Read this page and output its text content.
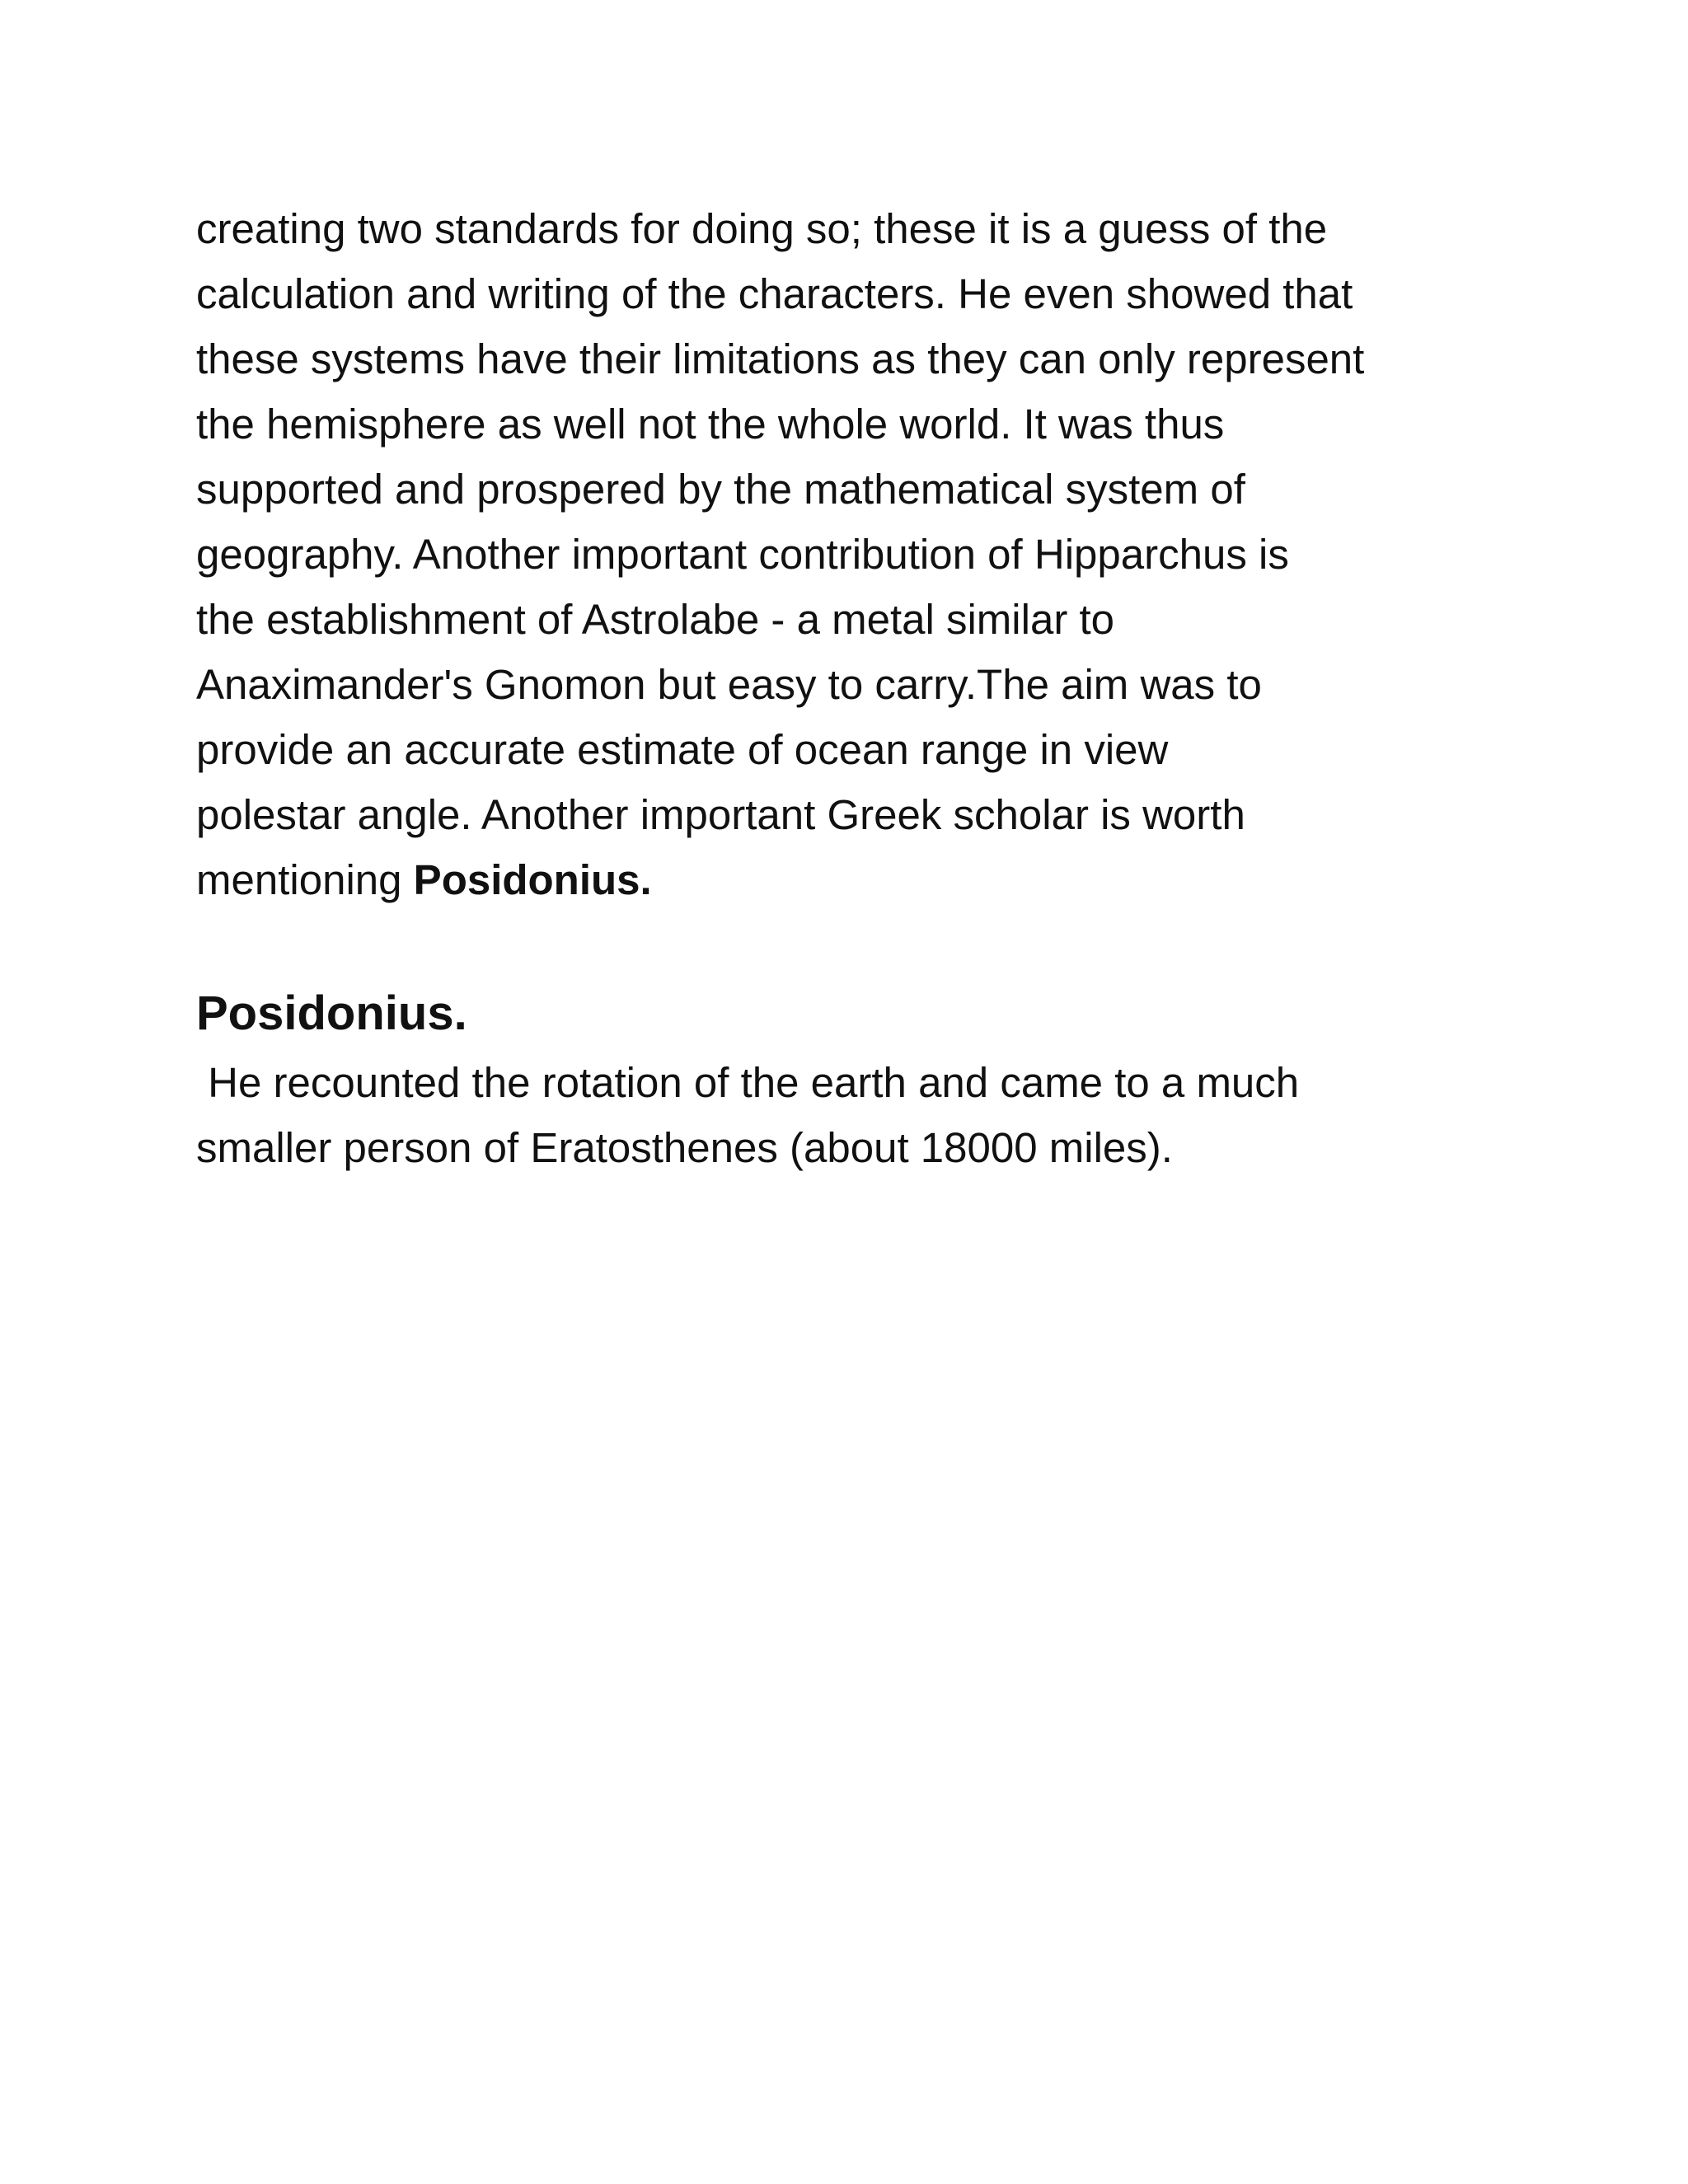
creating two standards for doing so; these it is a guess of the
calculation and writing of the characters. He even showed that
these systems have their limitations as they can only represent
the hemisphere as well not the whole world. It was thus
supported and prospered by the mathematical system of
geography. Another important contribution of Hipparchus is
the establishment of Astrolabe - a metal similar to
Anaximander's Gnomon but easy to carry.The aim was to
provide an accurate estimate of ocean range in view
polestar angle. Another important Greek scholar is worth
mentioning Posidonius.
Posidonius.
He recounted the rotation of the earth and came to a much
smaller person of Eratosthenes (about 18000 miles).
